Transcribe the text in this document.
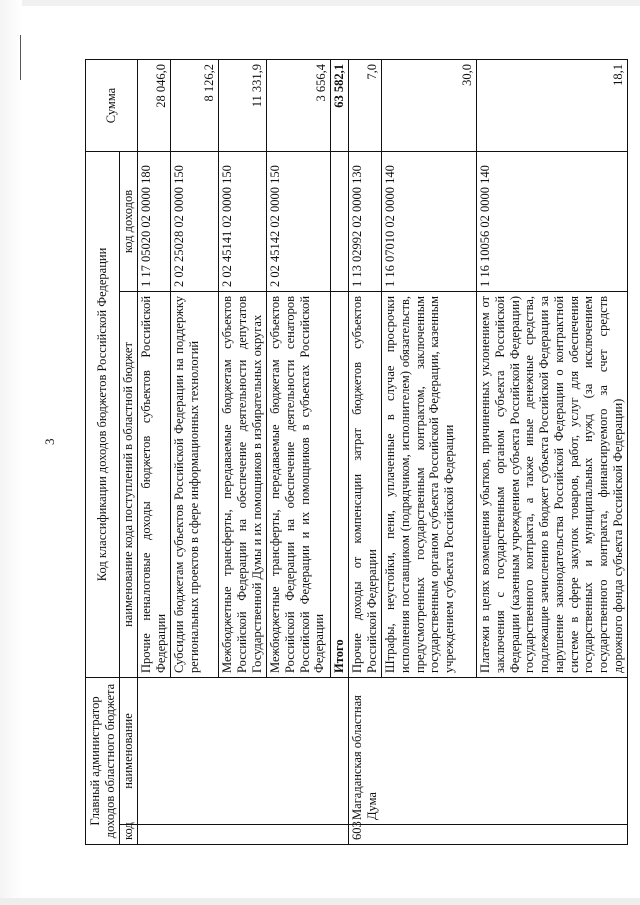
3
Главный администратор доходов областного бюджета		Код классификации доходов бюджетов Российской Федерации		Сумма
код	наименование	наименование кода поступлений в областной бюджет	код доходов	
		Прочие неналоговые доходы бюджетов субъектов Российской Федерации	1 17 05020 02 0000 180	28 046,0
		Субсидии бюджетам субъектов Российской Федерации на поддержку региональных проектов в сфере информационных технологий	2 02 25028 02 0000 150	8 126,2
		Межбюджетные трансферты, передаваемые бюджетам субъектов Российской Федерации на обеспечение деятельности депутатов Государственной Думы и их помощников в избирательных округах	2 02 45141 02 0000 150	11 331,9
		Межбюджетные трансферты, передаваемые бюджетам субъектов Российской Федерации на обеспечение деятельности сенаторов Российской Федерации и их помощников в субъектах Российской Федерации	2 02 45142 02 0000 150	3 656,4
		Итого		63 582,1
603	Магаданская областная Дума	Прочие доходы от компенсации затрат бюджетов субъектов Российской Федерации	1 13 02992 02 0000 130	7,0
		Штрафы, неустойки, пени, уплаченные в случае просрочки исполнения поставщиком (подрядчиком, исполнителем) обязательств, предусмотренных государственным контрактом, заключенным государственным органом субъекта Российской Федерации, казенным учреждением субъекта Российской Федерации	1 16 07010 02 0000 140	30,0
		Платежи в целях возмещения убытков, причиненных уклонением от заключения с государственным органом субъекта Российской Федерации (казенным учреждением субъекта Российской Федерации) государственного контракта, а также иные денежные средства, подлежащие зачислению в бюджет субъекта Российской Федерации за нарушение законодательства Российской Федерации о контрактной системе в сфере закупок товаров, работ, услуг для обеспечения государственных и муниципальных нужд (за исключением государственного контракта, финансируемого за счет средств дорожного фонда субъекта Российской Федерации)	1 16 10056 02 0000 140	18,1
